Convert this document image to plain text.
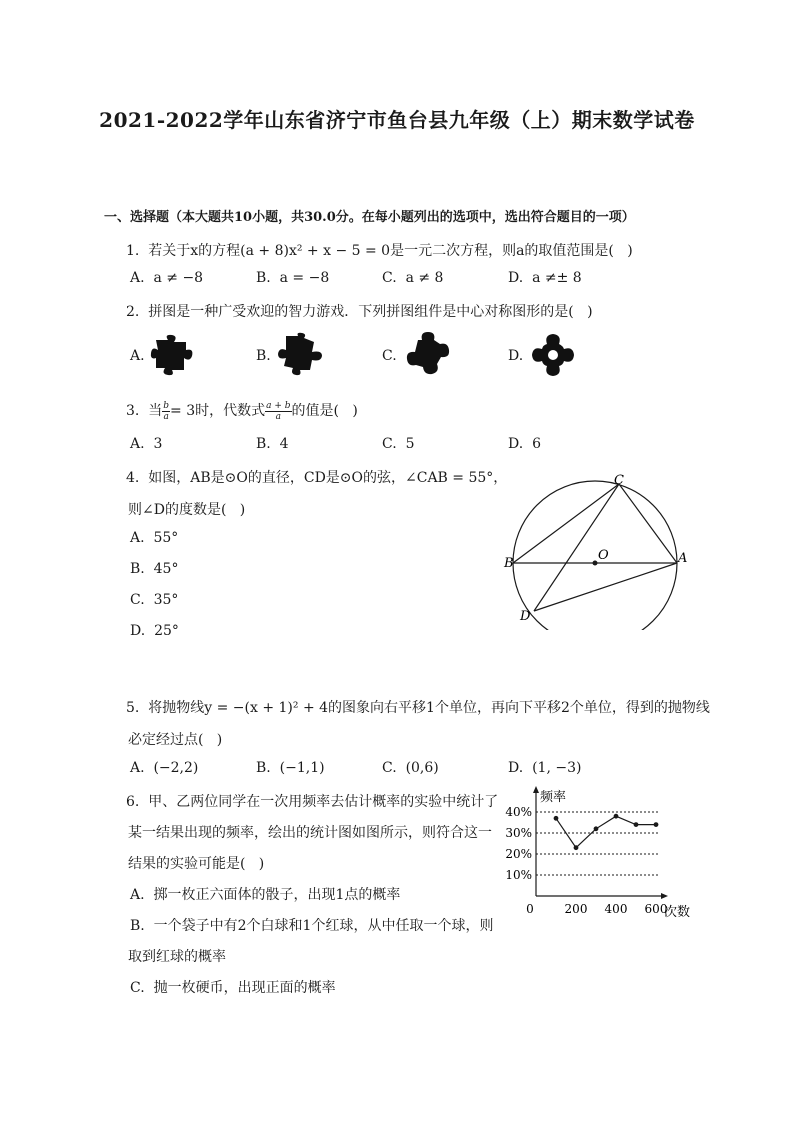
2021-2022学年山东省济宁市鱼台县九年级（上）期末数学试卷
一、选择题（本大题共10小题，共30.0分。在每小题列出的选项中，选出符合题目的一项）
1.  若关于x的方程(a + 8)x² + x − 5 = 0是一元二次方程，则a的取值范围是(   )
A.  a ≠ −8	B.  a = −8	C.  a ≠ 8	D.  a ≠± 8
2.  拼图是一种广受欢迎的智力游戏．下列拼图组件是中心对称图形的是(   )
A.	B.	C.	D.
3.  当 $\frac{b}{a} = 3$时，代数式 $\frac{a + b}{a}$ 的值是(   )
A.  3	B.  4	C.  5	D.  6
4.  如图，AB是⊙O的直径，CD是⊙O的弦，∠CAB = 55°，
则∠D的度数是(   )
A.  55°
B.  45°
C.  35°
D.  25°
C
B	A
O
D
5.  将抛物线y = −(x + 1)² + 4的图象向右平移1个单位，再向下平移2个单位，得到的抛物线
必定经过点(   )
A.  (−2,2)	B.  (−1,1)	C.  (0,6)	D.  (1, −3)
6.  甲、乙两位同学在一次用频率去估计概率的实验中统计了
某一结果出现的频率，绘出的统计图如图所示，则符合这一
结果的实验可能是(   )
A.  掷一枚正六面体的骰子，出现1点的概率
B.  一个袋子中有2个白球和1个红球，从中任取一个球，则
取到红球的概率
C.  抛一枚硬币，出现正面的概率
频率
次数
10%
20%
30%
40%
0	200 400 600
